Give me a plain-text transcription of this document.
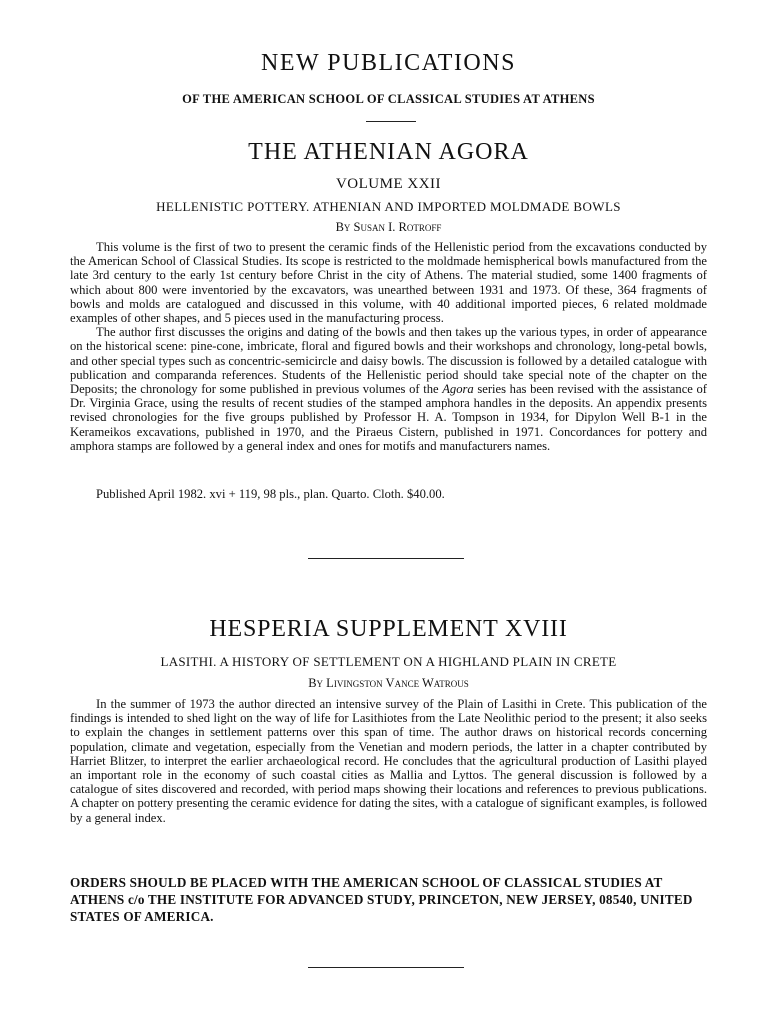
NEW PUBLICATIONS
OF THE AMERICAN SCHOOL OF CLASSICAL STUDIES AT ATHENS
THE ATHENIAN AGORA
VOLUME XXII
HELLENISTIC POTTERY. ATHENIAN AND IMPORTED MOLDMADE BOWLS
By Susan I. Rotroff

This volume is the first of two to present the ceramic finds of the Hellenistic period from the excavations conducted by the American School of Classical Studies. Its scope is restricted to the moldmade hemispherical bowls manufactured from the late 3rd century to the early 1st century before Christ in the city of Athens. The material studied, some 1400 fragments of which about 800 were inventoried by the excavators, was unearthed between 1931 and 1973. Of these, 364 fragments of bowls and molds are catalogued and discussed in this volume, with 40 additional imported pieces, 6 related moldmade examples of other shapes, and 5 pieces used in the manufacturing process.

The author first discusses the origins and dating of the bowls and then takes up the various types, in order of appearance on the historical scene: pine-cone, imbricate, floral and figured bowls and their workshops and chronology, long-petal bowls, and other special types such as concentric-semicircle and daisy bowls. The discussion is followed by a detailed catalogue with publication and comparanda references. Students of the Hellenistic period should take special note of the chapter on the Deposits; the chronology for some published in previous volumes of the Agora series has been revised with the assistance of Dr. Virginia Grace, using the results of recent studies of the stamped amphora handles in the deposits. An appendix presents revised chronologies for the five groups published by Professor H. A. Tompson in 1934, for Dipylon Well B-1 in the Kerameikos excavations, published in 1970, and the Piraeus Cistern, published in 1971. Concordances for pottery and amphora stamps are followed by a general index and ones for motifs and manufacturers names.

Published April 1982. xvi + 119, 98 pls., plan. Quarto. Cloth. $40.00.
HESPERIA SUPPLEMENT XVIII
LASITHI. A HISTORY OF SETTLEMENT ON A HIGHLAND PLAIN IN CRETE
By Livingston Vance Watrous

In the summer of 1973 the author directed an intensive survey of the Plain of Lasithi in Crete. This publication of the findings is intended to shed light on the way of life for Lasithiotes from the Late Neolithic period to the present; it also seeks to explain the changes in settlement patterns over this span of time. The author draws on historical records concerning population, climate and vegetation, especially from the Venetian and modern periods, the latter in a chapter contributed by Harriet Blitzer, to interpret the earlier archaeological record. He concludes that the agricultural production of Lasithi played an important role in the economy of such coastal cities as Mallia and Lyttos. The general discussion is followed by a catalogue of sites discovered and recorded, with period maps showing their locations and references to previous publications. A chapter on pottery presenting the ceramic evidence for dating the sites, with a catalogue of significant examples, is followed by a general index.

ORDERS SHOULD BE PLACED WITH THE AMERICAN SCHOOL OF CLASSICAL STUDIES AT ATHENS c/o THE INSTITUTE FOR ADVANCED STUDY, PRINCETON, NEW JERSEY, 08540, UNITED STATES OF AMERICA.
